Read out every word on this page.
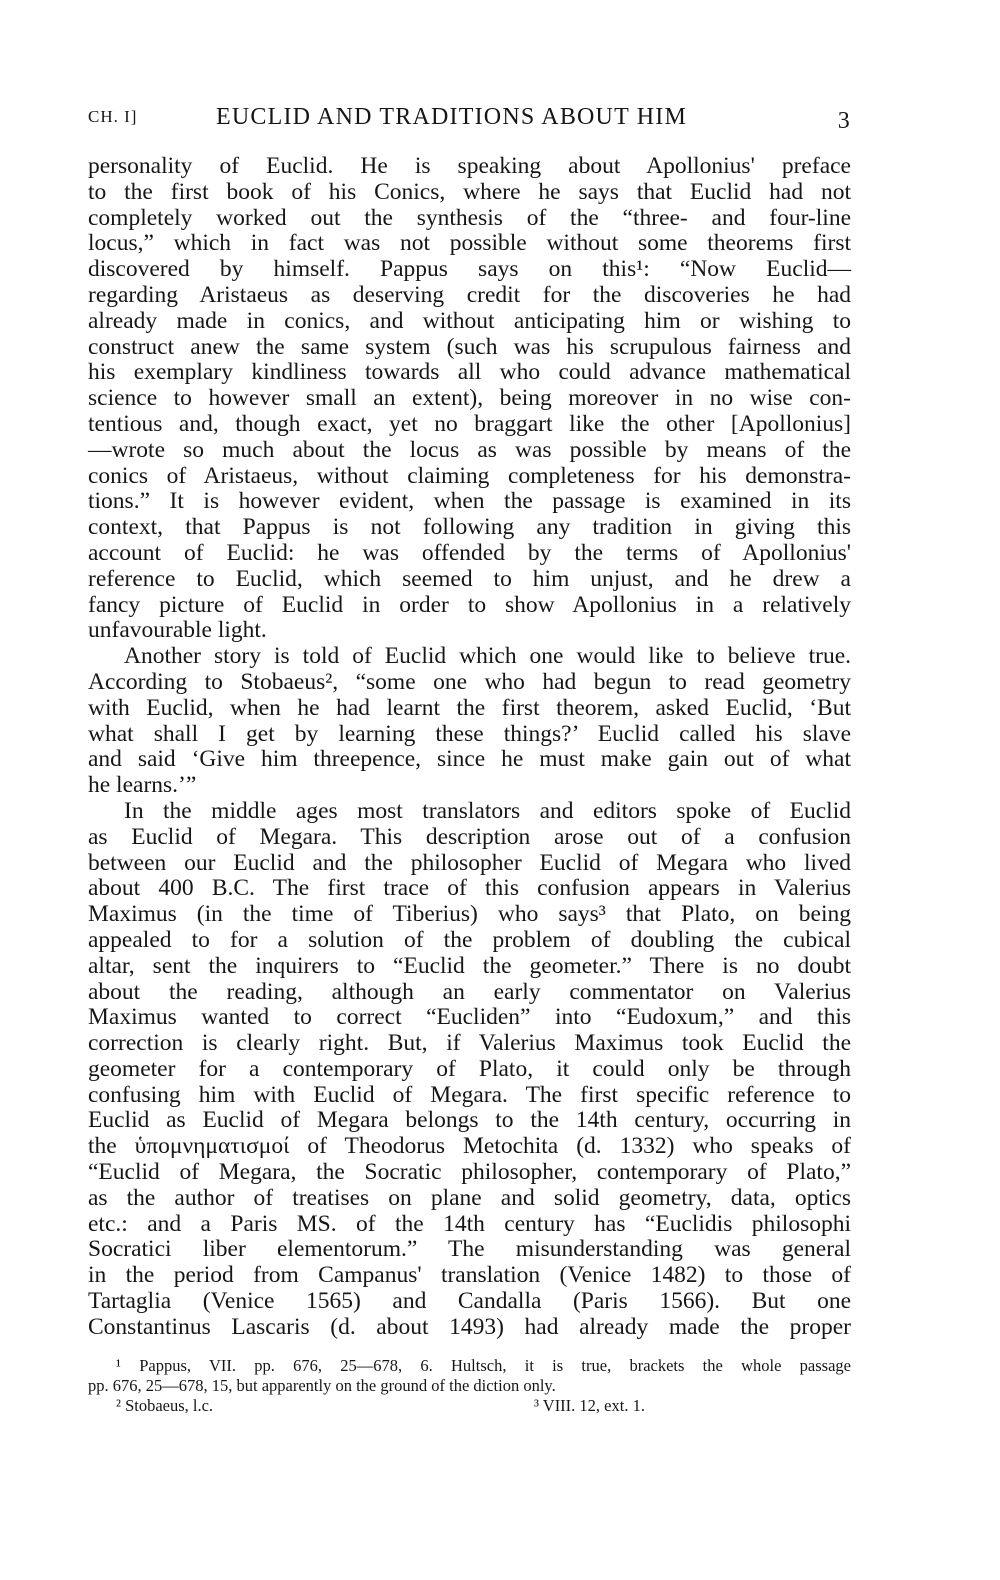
CH. I]	EUCLID AND TRADITIONS ABOUT HIM	3
personality of Euclid. He is speaking about Apollonius' preface
to the first book of his Conics, where he says that Euclid had not
completely worked out the synthesis of the “three- and four-line
locus,” which in fact was not possible without some theorems first
discovered by himself. Pappus says on this¹: “Now Euclid—
regarding Aristaeus as deserving credit for the discoveries he had
already made in conics, and without anticipating him or wishing to
construct anew the same system (such was his scrupulous fairness and
his exemplary kindliness towards all who could advance mathematical
science to however small an extent), being moreover in no wise con-
tentious and, though exact, yet no braggart like the other [Apollonius]
—wrote so much about the locus as was possible by means of the
conics of Aristaeus, without claiming completeness for his demonstra-
tions.” It is however evident, when the passage is examined in its
context, that Pappus is not following any tradition in giving this
account of Euclid: he was offended by the terms of Apollonius'
reference to Euclid, which seemed to him unjust, and he drew a
fancy picture of Euclid in order to show Apollonius in a relatively
unfavourable light.
Another story is told of Euclid which one would like to believe true.
According to Stobaeus², “some one who had begun to read geometry
with Euclid, when he had learnt the first theorem, asked Euclid, ‘But
what shall I get by learning these things?’ Euclid called his slave
and said ‘Give him threepence, since he must make gain out of what
he learns.’”
In the middle ages most translators and editors spoke of Euclid
as Euclid of Megara. This description arose out of a confusion
between our Euclid and the philosopher Euclid of Megara who lived
about 400 B.C. The first trace of this confusion appears in Valerius
Maximus (in the time of Tiberius) who says³ that Plato, on being
appealed to for a solution of the problem of doubling the cubical
altar, sent the inquirers to “Euclid the geometer.” There is no doubt
about the reading, although an early commentator on Valerius
Maximus wanted to correct “Eucliden” into “Eudoxum,” and this
correction is clearly right. But, if Valerius Maximus took Euclid the
geometer for a contemporary of Plato, it could only be through
confusing him with Euclid of Megara. The first specific reference to
Euclid as Euclid of Megara belongs to the 14th century, occurring in
the ὑπομνηματισμοί of Theodorus Metochita (d. 1332) who speaks of
“Euclid of Megara, the Socratic philosopher, contemporary of Plato,”
as the author of treatises on plane and solid geometry, data, optics
etc.: and a Paris MS. of the 14th century has “Euclidis philosophi
Socratici liber elementorum.” The misunderstanding was general
in the period from Campanus' translation (Venice 1482) to those of
Tartaglia (Venice 1565) and Candalla (Paris 1566). But one
Constantinus Lascaris (d. about 1493) had already made the proper
¹ Pappus, VII. pp. 676, 25—678, 6. Hultsch, it is true, brackets the whole passage
pp. 676, 25—678, 15, but apparently on the ground of the diction only.
² Stobaeus, l.c.	³ VIII. 12, ext. 1.
